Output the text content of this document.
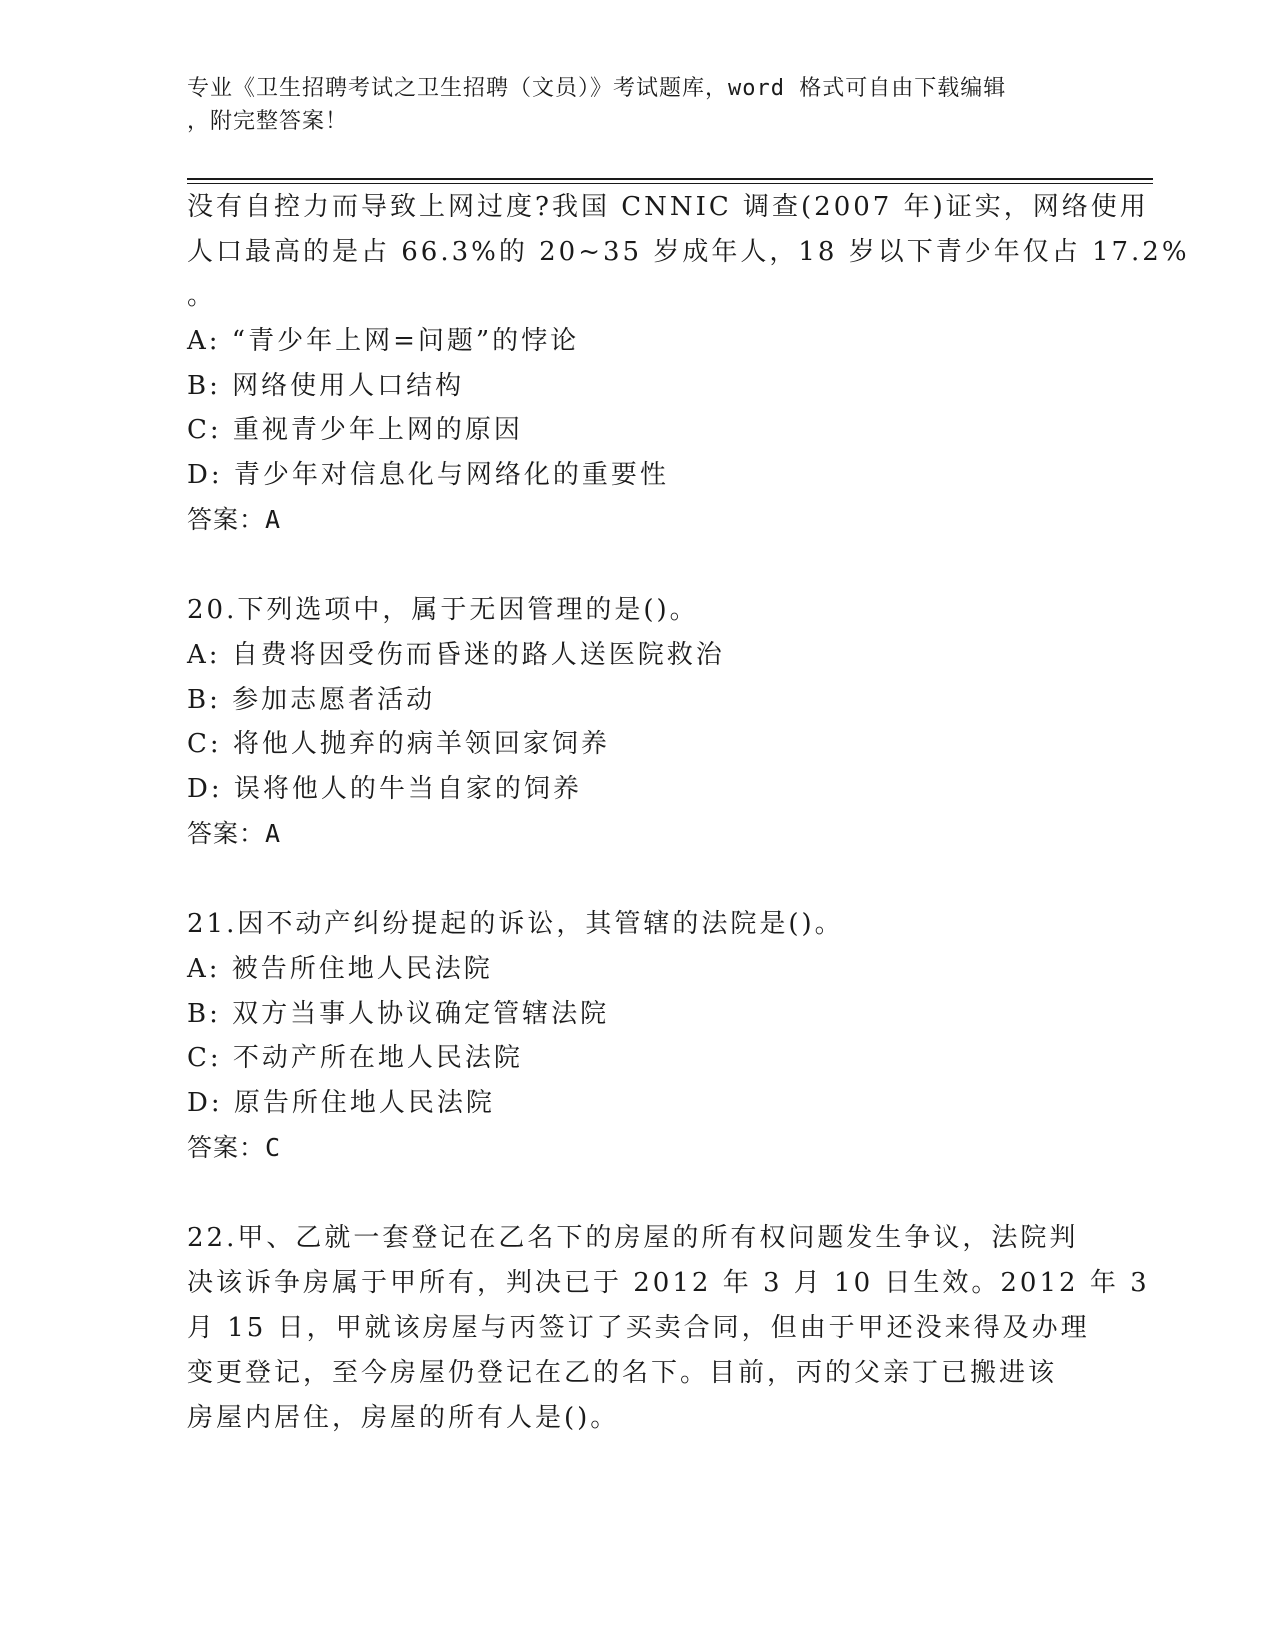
专业《卫生招聘考试之卫生招聘（文员）》考试题库，word 格式可自由下载编辑
，附完整答案！
没有自控力而导致上网过度?我国 CNNIC 调查(2007 年)证实，网络使用
人口最高的是占 66.3%的 20~35 岁成年人，18 岁以下青少年仅占 17.2%
。
A: “青少年上网=问题”的悖论
B: 网络使用人口结构
C: 重视青少年上网的原因
D: 青少年对信息化与网络化的重要性
答案：A
20.下列选项中，属于无因管理的是()。
A: 自费将因受伤而昏迷的路人送医院救治
B: 参加志愿者活动
C: 将他人抛弃的病羊领回家饲养
D: 误将他人的牛当自家的饲养
答案：A
21.因不动产纠纷提起的诉讼，其管辖的法院是()。
A: 被告所住地人民法院
B: 双方当事人协议确定管辖法院
C: 不动产所在地人民法院
D: 原告所住地人民法院
答案：C
22.甲、乙就一套登记在乙名下的房屋的所有权问题发生争议，法院判
决该诉争房属于甲所有，判决已于 2012 年 3 月 10 日生效。2012 年 3
月 15 日，甲就该房屋与丙签订了买卖合同，但由于甲还没来得及办理
变更登记，至今房屋仍登记在乙的名下。目前，丙的父亲丁已搬进该
房屋内居住，房屋的所有人是()。
